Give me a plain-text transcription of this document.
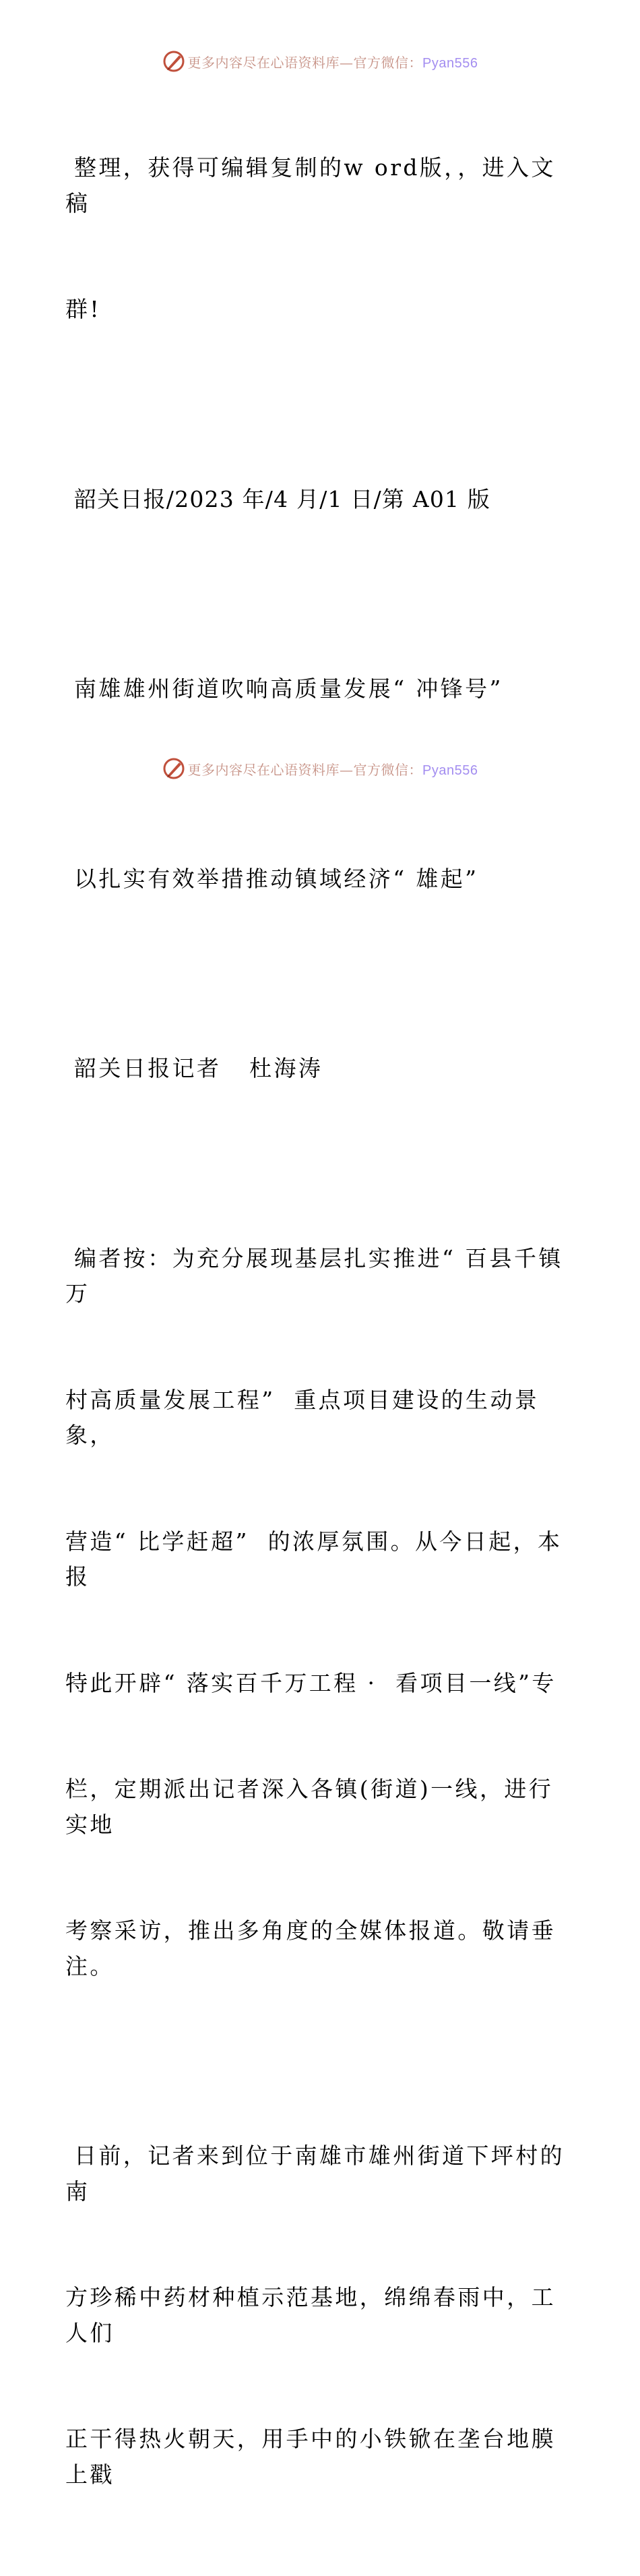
更多内容尽在心语资料库—官方微信：Pyan556

整理，获得可编辑复制的w ord版，，进入文稿

群!

韶关日报/2023 年/4 月/1 日/第 A01 版

南雄雄州街道吹响高质量发展“ 冲锋号”

以扎实有效举措推动镇域经济“ 雄起”

韶关日报记者   杜海涛

编者按：为充分展现基层扎实推进“ 百县千镇万

村高质量发展工程”  重点项目建设的生动景象，

营造“ 比学赶超”  的浓厚氛围。从今日起，本报

特此开辟“ 落实百千万工程 ·  看项目一线”专

栏，定期派出记者深入各镇(街道)一线，进行实地

考察采访，推出多角度的全媒体报道。敬请垂注。

日前，记者来到位于南雄市雄州街道下坪村的南

方珍稀中药材种植示范基地，绵绵春雨中，工人们

正干得热火朝天，用手中的小铁锨在垄台地膜上戳

更多内容尽在心语资料库—官方微信：Pyan556
